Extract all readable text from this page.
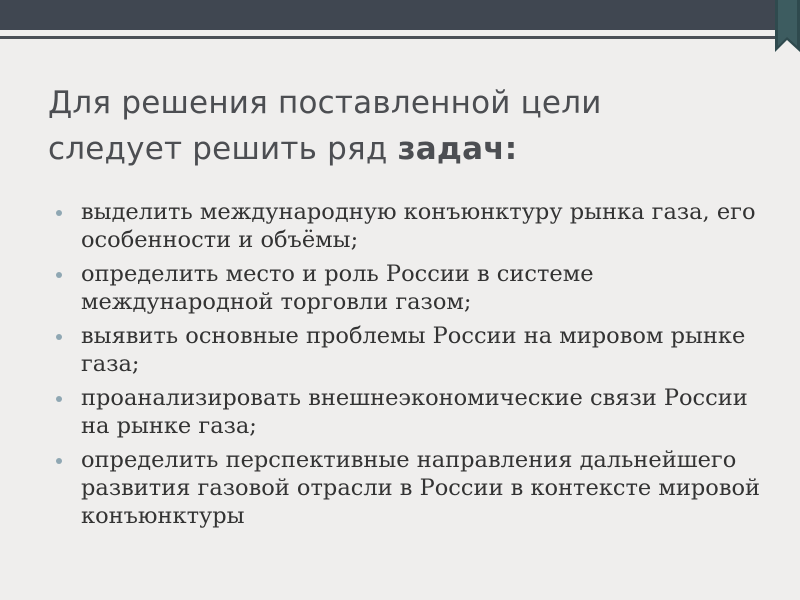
Для решения поставленной цели
следует решить ряд задач:
выделить международную конъюнктуру рынка газа, его особенности и объёмы;
определить место и роль России в системе международной торговли газом;
выявить основные проблемы России на мировом рынке газа;
проанализировать внешнеэкономические связи России на рынке газа;
определить перспективные направления дальнейшего развития газовой отрасли в России в контексте мировой конъюнктуры
